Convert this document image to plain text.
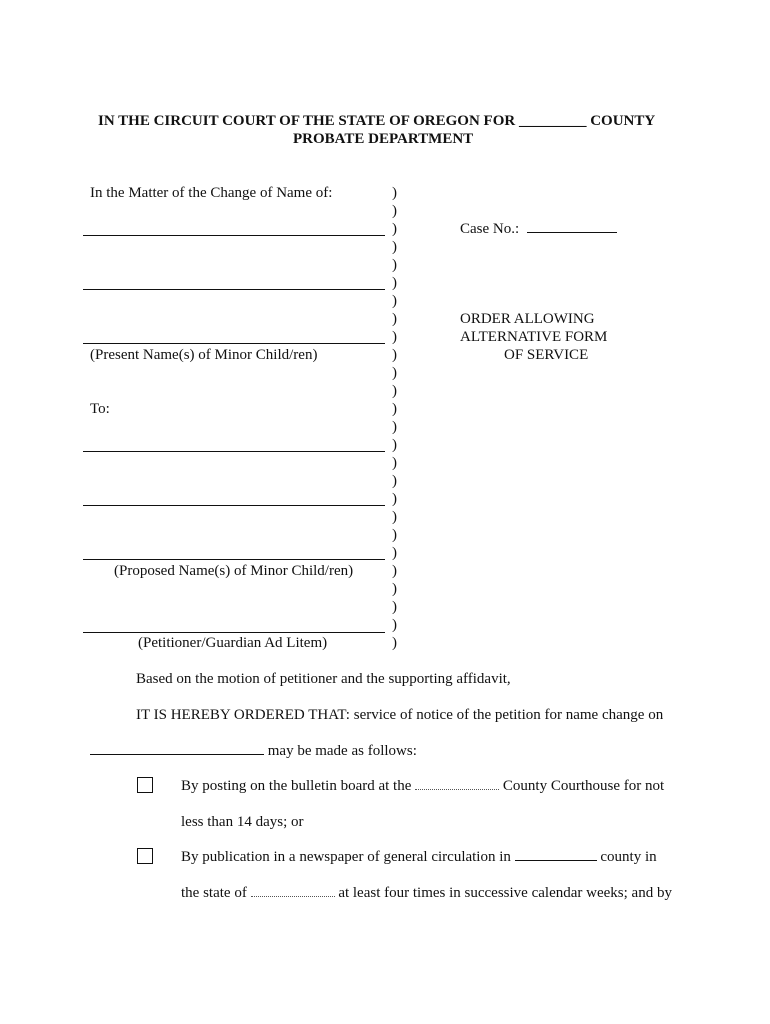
IN THE CIRCUIT COURT OF THE STATE OF OREGON FOR _________ COUNTY
PROBATE DEPARTMENT
In the Matter of the Change of Name of:
(Present Name(s) of Minor Child/ren)
To:
(Proposed Name(s) of Minor Child/ren)
(Petitioner/Guardian Ad Litem)
)
)
)
)
)
)
)
)
)
)
)
)
)
)
)
)
)
)
)
)
)
)
)
)
)
)
Case No.:
ORDER ALLOWING
ALTERNATIVE FORM
OF SERVICE
Based on the motion of petitioner and the supporting affidavit,
IT IS HEREBY ORDERED THAT: service of notice of the petition for name change on
may be made as follows:
By posting on the bulletin board at the	County Courthouse for not
less than 14 days; or
By publication in a newspaper of general circulation in	county in
the state of	at least four times in successive calendar weeks; and by
